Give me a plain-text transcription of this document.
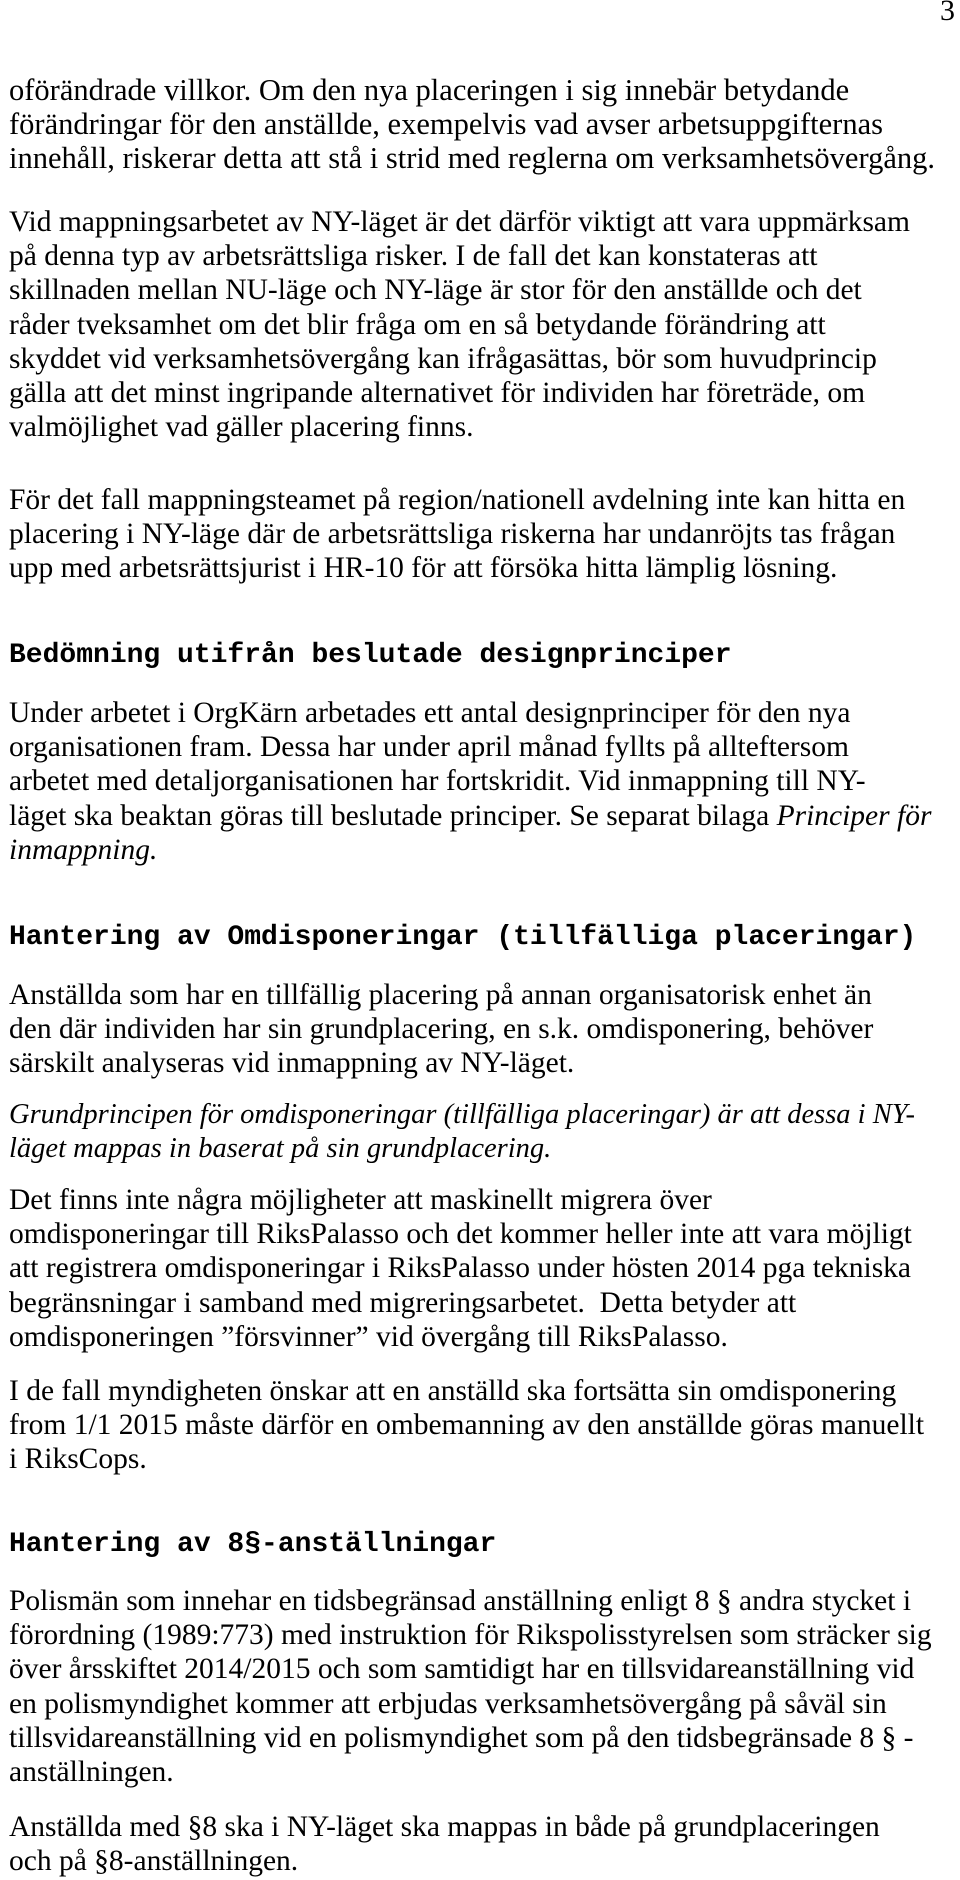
3
oförändrade villkor. Om den nya placeringen i sig innebär betydande
förändringar för den anställde, exempelvis vad avser arbetsuppgifternas
innehåll, riskerar detta att stå i strid med reglerna om verksamhetsövergång.
Vid mappningsarbetet av NY-läget är det därför viktigt att vara uppmärksam
på denna typ av arbetsrättsliga risker. I de fall det kan konstateras att
skillnaden mellan NU-läge och NY-läge är stor för den anställde och det
råder tveksamhet om det blir fråga om en så betydande förändring att
skyddet vid verksamhetsövergång kan ifrågasättas, bör som huvudprincip
gälla att det minst ingripande alternativet för individen har företräde, om
valmöjlighet vad gäller placering finns.
För det fall mappningsteamet på region/nationell avdelning inte kan hitta en
placering i NY-läge där de arbetsrättsliga riskerna har undanröjts tas frågan
upp med arbetsrättsjurist i HR-10 för att försöka hitta lämplig lösning.
Bedömning utifrån beslutade designprinciper
Under arbetet i OrgKärn arbetades ett antal designprinciper för den nya
organisationen fram. Dessa har under april månad fyllts på allteftersom
arbetet med detaljorganisationen har fortskridit. Vid inmappning till NY-
läget ska beaktan göras till beslutade principer. Se separat bilaga Principer för
inmappning.
Hantering av Omdisponeringar (tillfälliga placeringar)
Anställda som har en tillfällig placering på annan organisatorisk enhet än
den där individen har sin grundplacering, en s.k. omdisponering, behöver
särskilt analyseras vid inmappning av NY-läget.
Grundprincipen för omdisponeringar (tillfälliga placeringar) är att dessa i NY-
läget mappas in baserat på sin grundplacering.
Det finns inte några möjligheter att maskinellt migrera över
omdisponeringar till RiksPalasso och det kommer heller inte att vara möjligt
att registrera omdisponeringar i RiksPalasso under hösten 2014 pga tekniska
begränsningar i samband med migreringsarbetet.  Detta betyder att
omdisponeringen ”försvinner” vid övergång till RiksPalasso.
I de fall myndigheten önskar att en anställd ska fortsätta sin omdisponering
from 1/1 2015 måste därför en ombemanning av den anställde göras manuellt
i RiksCops.
Hantering av 8§-anställningar
Polismän som innehar en tidsbegränsad anställning enligt 8 § andra stycket i
förordning (1989:773) med instruktion för Rikspolisstyrelsen som sträcker sig
över årsskiftet 2014/2015 och som samtidigt har en tillsvidareanställning vid
en polismyndighet kommer att erbjudas verksamhetsövergång på såväl sin
tillsvidareanställning vid en polismyndighet som på den tidsbegränsade 8 § -
anställningen.
Anställda med §8 ska i NY-läget ska mappas in både på grundplaceringen
och på §8-anställningen.
